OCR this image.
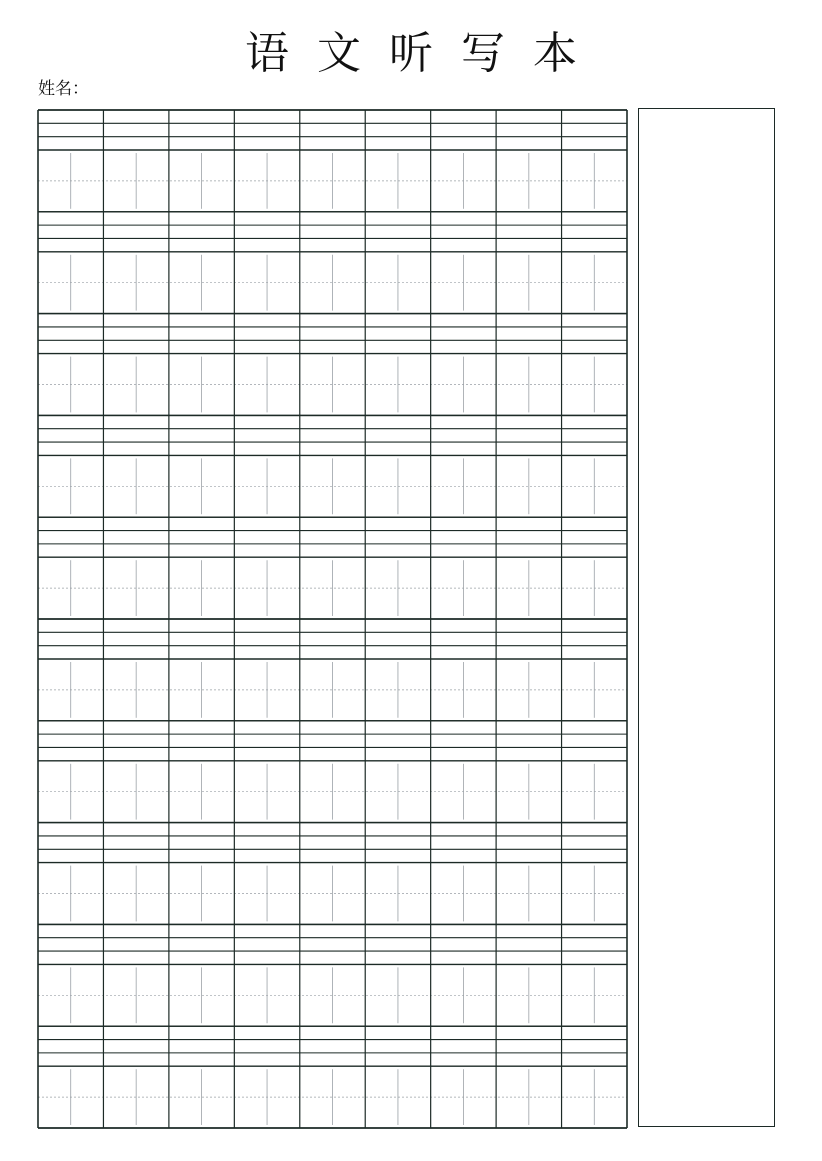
语文听写本
姓名：
